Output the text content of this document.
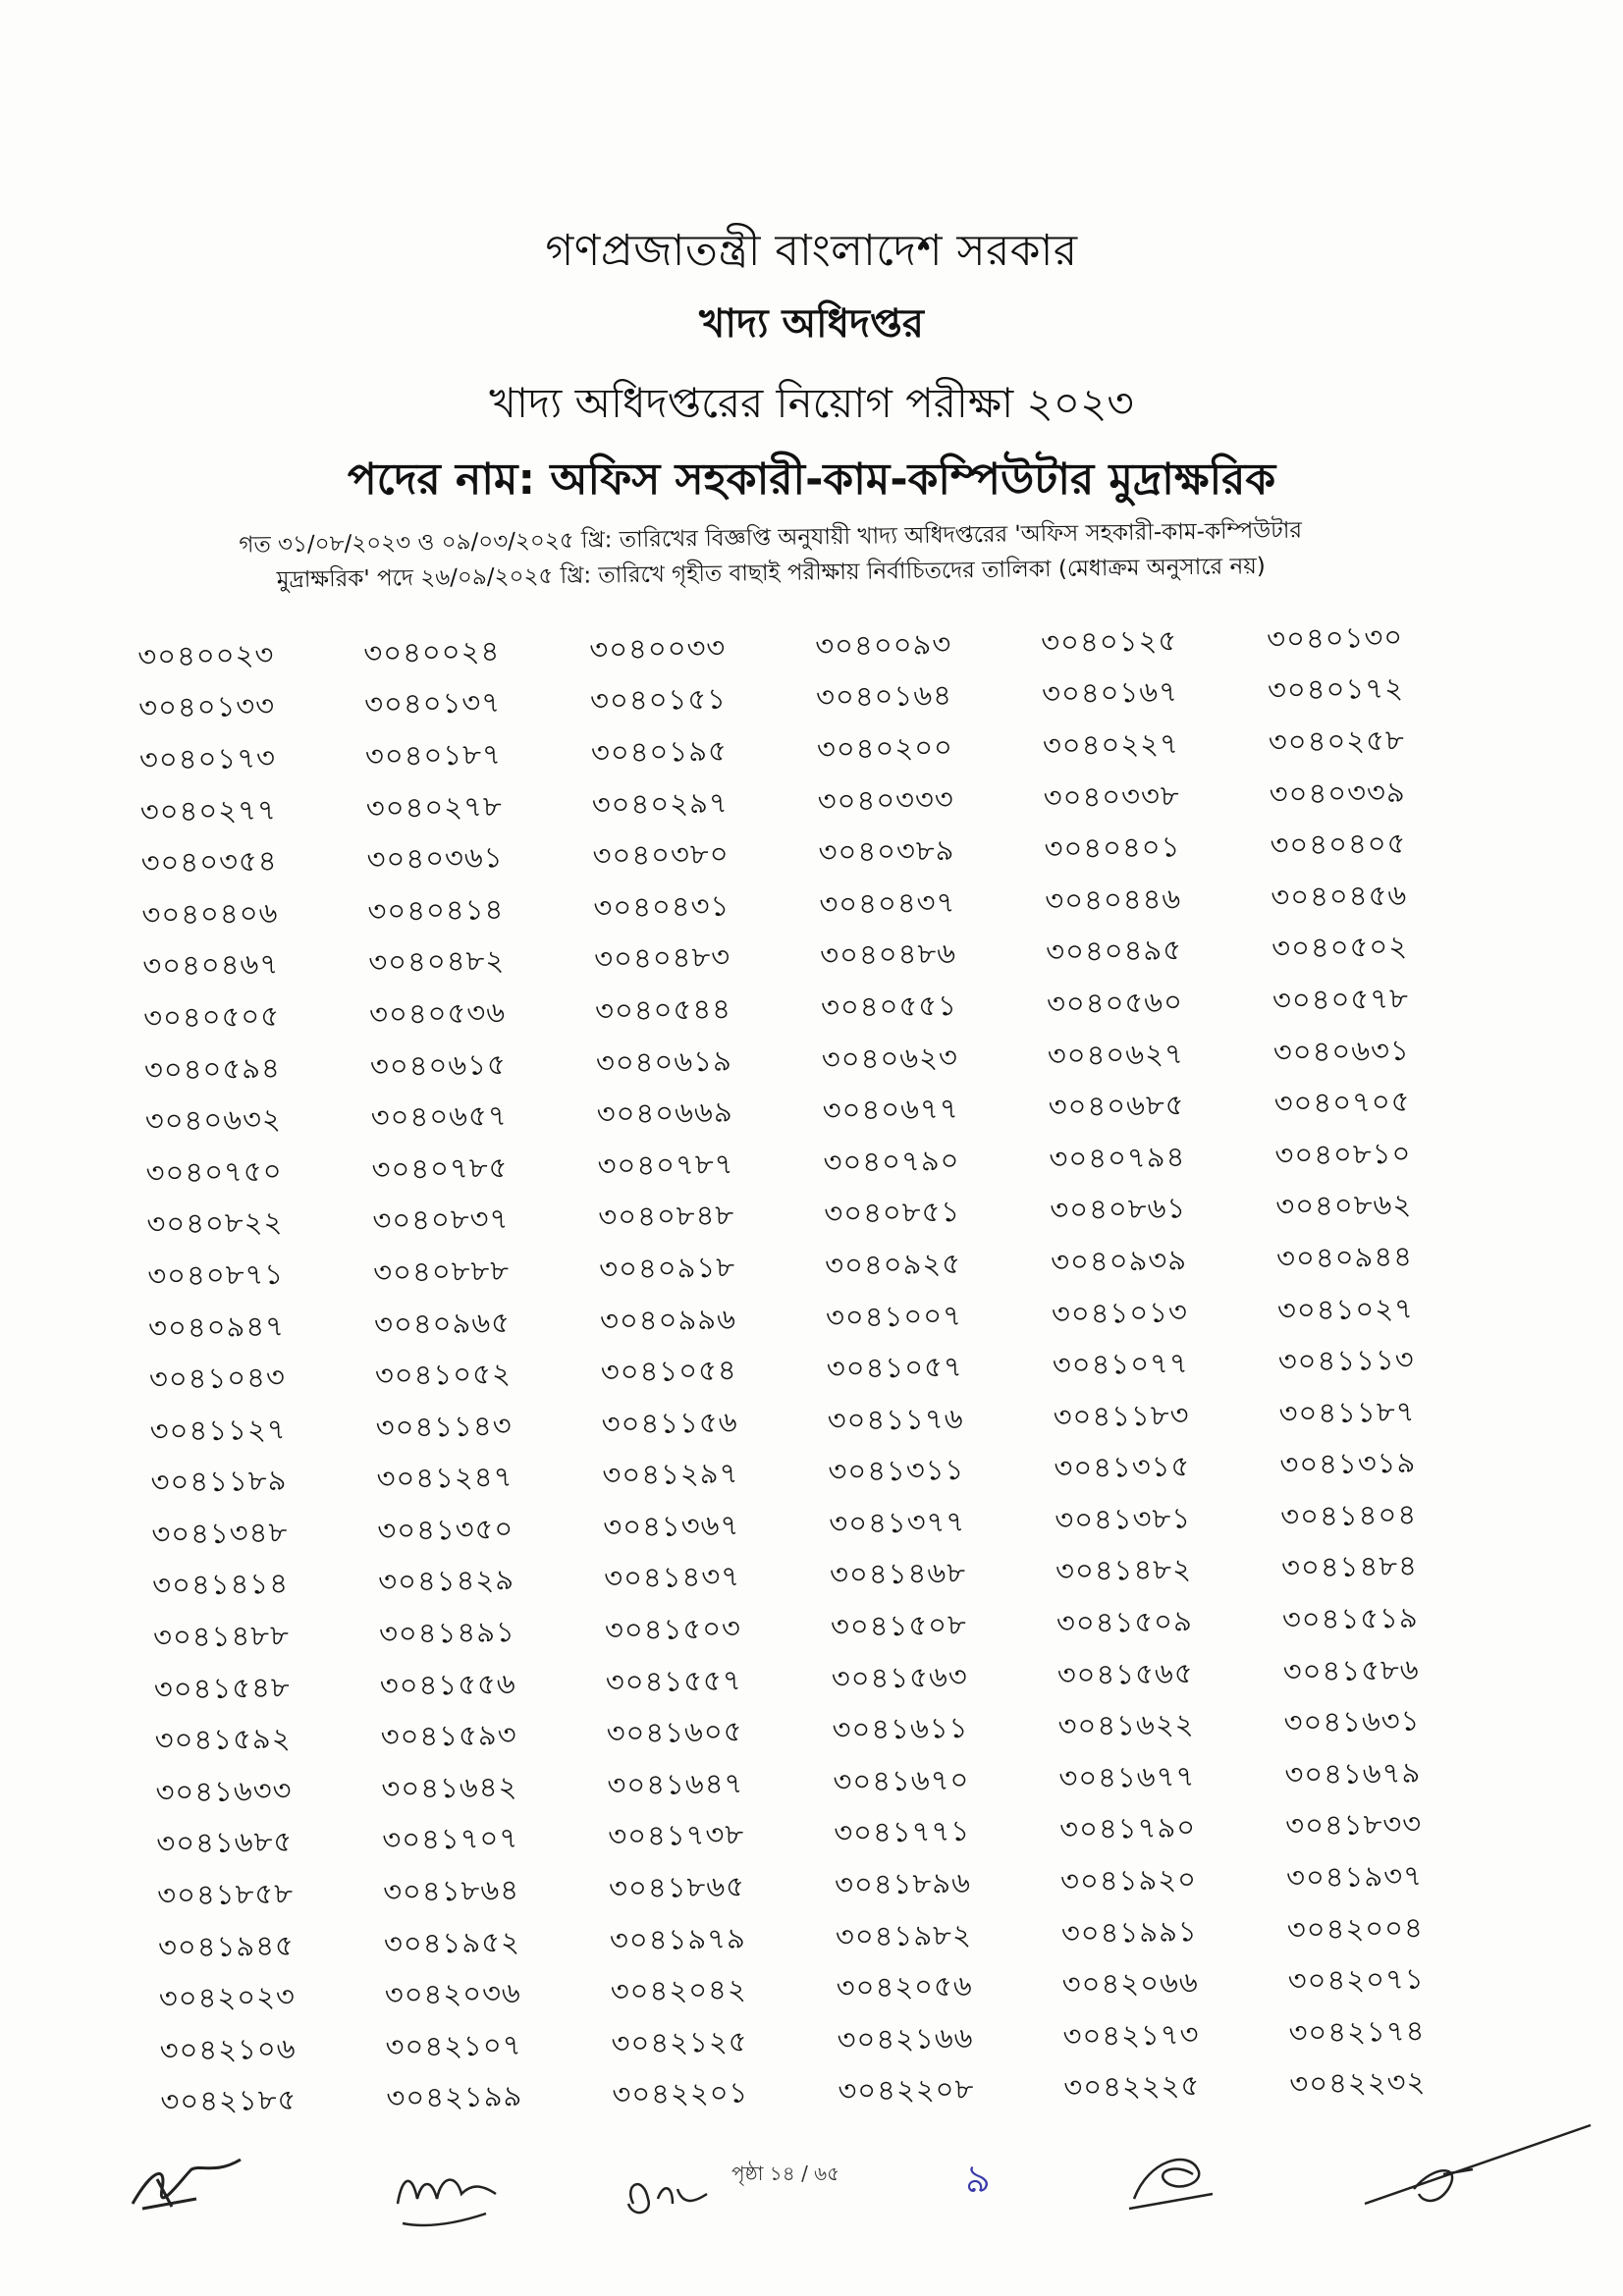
গণপ্রজাতন্ত্রী বাংলাদেশ সরকার
খাদ্য অধিদপ্তর
খাদ্য অধিদপ্তরের নিয়োগ পরীক্ষা ২০২৩
পদের নাম: অফিস সহকারী-কাম-কম্পিউটার মুদ্রাক্ষরিক
গত ৩১/০৮/২০২৩ ও ০৯/০৩/২০২৫ খ্রি: তারিখের বিজ্ঞপ্তি অনুযায়ী খাদ্য অধিদপ্তরের 'অফিস সহকারী-কাম-কম্পিউটার
মুদ্রাক্ষরিক' পদে ২৬/০৯/২০২৫ খ্রি: তারিখে গৃহীত বাছাই পরীক্ষায় নির্বাচিতদের তালিকা (মেধাক্রম অনুসারে নয়)
৩০৪০০২৩	৩০৪০০২৪	৩০৪০০৩৩	৩০৪০০৯৩	৩০৪০১২৫	৩০৪০১৩০
৩০৪০১৩৩	৩০৪০১৩৭	৩০৪০১৫১	৩০৪০১৬৪	৩০৪০১৬৭	৩০৪০১৭২
৩০৪০১৭৩	৩০৪০১৮৭	৩০৪০১৯৫	৩০৪০২০০	৩০৪০২২৭	৩০৪০২৫৮
৩০৪০২৭৭	৩০৪০২৭৮	৩০৪০২৯৭	৩০৪০৩৩৩	৩০৪০৩৩৮	৩০৪০৩৩৯
৩০৪০৩৫৪	৩০৪০৩৬১	৩০৪০৩৮০	৩০৪০৩৮৯	৩০৪০৪০১	৩০৪০৪০৫
৩০৪০৪০৬	৩০৪০৪১৪	৩০৪০৪৩১	৩০৪০৪৩৭	৩০৪০৪৪৬	৩০৪০৪৫৬
৩০৪০৪৬৭	৩০৪০৪৮২	৩০৪০৪৮৩	৩০৪০৪৮৬	৩০৪০৪৯৫	৩০৪০৫০২
৩০৪০৫০৫	৩০৪০৫৩৬	৩০৪০৫৪৪	৩০৪০৫৫১	৩০৪০৫৬০	৩০৪০৫৭৮
৩০৪০৫৯৪	৩০৪০৬১৫	৩০৪০৬১৯	৩০৪০৬২৩	৩০৪০৬২৭	৩০৪০৬৩১
৩০৪০৬৩২	৩০৪০৬৫৭	৩০৪০৬৬৯	৩০৪০৬৭৭	৩০৪০৬৮৫	৩০৪০৭০৫
৩০৪০৭৫০	৩০৪০৭৮৫	৩০৪০৭৮৭	৩০৪০৭৯০	৩০৪০৭৯৪	৩০৪০৮১০
৩০৪০৮২২	৩০৪০৮৩৭	৩০৪০৮৪৮	৩০৪০৮৫১	৩০৪০৮৬১	৩০৪০৮৬২
৩০৪০৮৭১	৩০৪০৮৮৮	৩০৪০৯১৮	৩০৪০৯২৫	৩০৪০৯৩৯	৩০৪০৯৪৪
৩০৪০৯৪৭	৩০৪০৯৬৫	৩০৪০৯৯৬	৩০৪১০০৭	৩০৪১০১৩	৩০৪১০২৭
৩০৪১০৪৩	৩০৪১০৫২	৩০৪১০৫৪	৩০৪১০৫৭	৩০৪১০৭৭	৩০৪১১১৩
৩০৪১১২৭	৩০৪১১৪৩	৩০৪১১৫৬	৩০৪১১৭৬	৩০৪১১৮৩	৩০৪১১৮৭
৩০৪১১৮৯	৩০৪১২৪৭	৩০৪১২৯৭	৩০৪১৩১১	৩০৪১৩১৫	৩০৪১৩১৯
৩০৪১৩৪৮	৩০৪১৩৫০	৩০৪১৩৬৭	৩০৪১৩৭৭	৩০৪১৩৮১	৩০৪১৪০৪
৩০৪১৪১৪	৩০৪১৪২৯	৩০৪১৪৩৭	৩০৪১৪৬৮	৩০৪১৪৮২	৩০৪১৪৮৪
৩০৪১৪৮৮	৩০৪১৪৯১	৩০৪১৫০৩	৩০৪১৫০৮	৩০৪১৫০৯	৩০৪১৫১৯
৩০৪১৫৪৮	৩০৪১৫৫৬	৩০৪১৫৫৭	৩০৪১৫৬৩	৩০৪১৫৬৫	৩০৪১৫৮৬
৩০৪১৫৯২	৩০৪১৫৯৩	৩০৪১৬০৫	৩০৪১৬১১	৩০৪১৬২২	৩০৪১৬৩১
৩০৪১৬৩৩	৩০৪১৬৪২	৩০৪১৬৪৭	৩০৪১৬৭০	৩০৪১৬৭৭	৩০৪১৬৭৯
৩০৪১৬৮৫	৩০৪১৭০৭	৩০৪১৭৩৮	৩০৪১৭৭১	৩০৪১৭৯০	৩০৪১৮৩৩
৩০৪১৮৫৮	৩০৪১৮৬৪	৩০৪১৮৬৫	৩০৪১৮৯৬	৩০৪১৯২০	৩০৪১৯৩৭
৩০৪১৯৪৫	৩০৪১৯৫২	৩০৪১৯৭৯	৩০৪১৯৮২	৩০৪১৯৯১	৩০৪২০০৪
৩০৪২০২৩	৩০৪২০৩৬	৩০৪২০৪২	৩০৪২০৫৬	৩০৪২০৬৬	৩০৪২০৭১
৩০৪২১০৬	৩০৪২১০৭	৩০৪২১২৫	৩০৪২১৬৬	৩০৪২১৭৩	৩০৪২১৭৪
৩০৪২১৮৫	৩০৪২১৯৯	৩০৪২২০১	৩০৪২২০৮	৩০৪২২২৫	৩০৪২২৩২
পৃষ্ঠা ১৪ / ৬৫	৯
